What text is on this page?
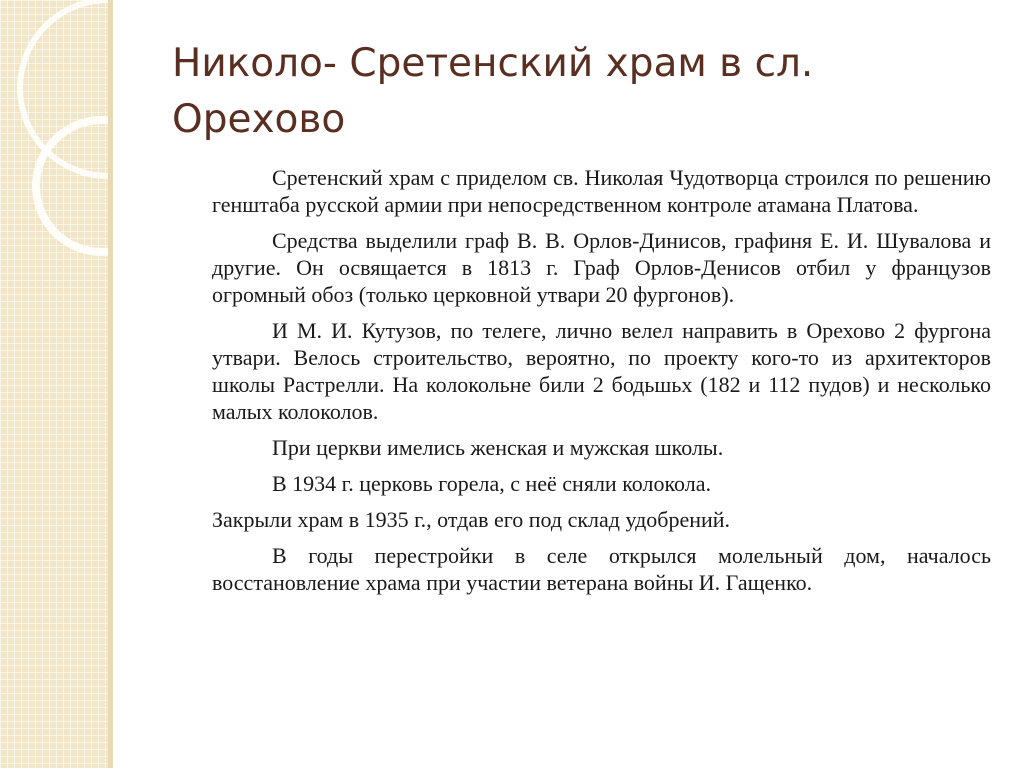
Николо- Сретенский храм в сл. Орехово

Сретенский храм с приделом св. Николая Чудотворца строился по решению генштаба русской армии при непосредственном контроле атамана Платова.

Средства выделили граф В. В. Орлов-Динисов, графиня Е. И. Шувалова и другие. Он освящается в 1813 г. Граф Орлов-Денисов отбил у французов огромный обоз (только церковной утвари 20 фургонов).

И М. И. Кутузов, по телеге, лично велел направить в Орехово 2 фургона утвари. Велось строительство, вероятно, по проекту кого-то из архитекторов школы Растрелли. На колокольне били 2 бодьшьх (182 и 112 пудов) и несколько малых колоколов.

При церкви имелись женская и мужская школы.

В 1934 г. церковь горела, с неё сняли колокола.

Закрыли храм в 1935 г., отдав его под склад удобрений.

В годы перестройки в селе открылся молельный дом, началось восстановление храма при участии ветерана войны И. Гащенко.
